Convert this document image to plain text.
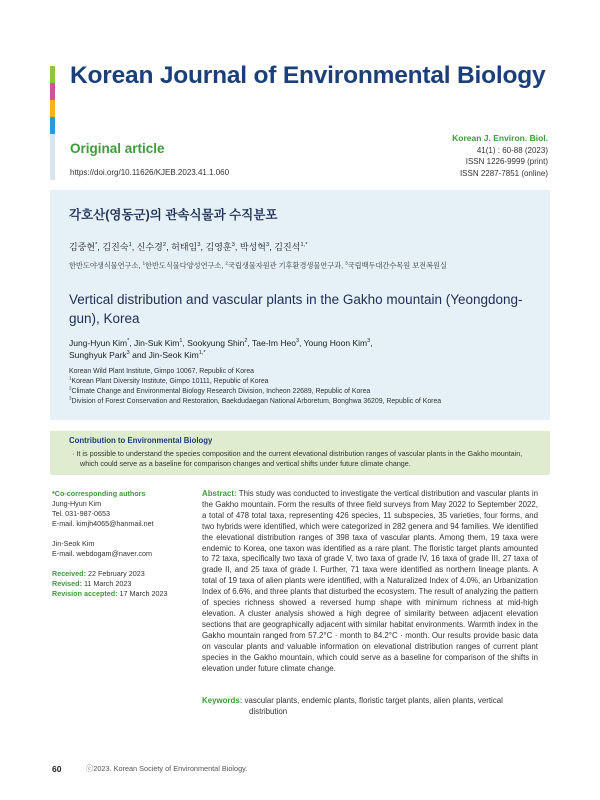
Korean Journal of Environmental Biology
Original article
https://doi.org/10.11626/KJEB.2023.41.1.060
Korean J. Environ. Biol.
41(1) : 60-88 (2023)
ISSN 1226-9999 (print)
ISSN 2287-7851 (online)
각호산(영동군)의 관속식물과 수직분포
김중현*, 김진숙$^1$, 신수경$^2$, 허태임$^3$, 김영훈$^3$, 박성혁$^3$, 김진석$^{1,*}$
한반도야생식물연구소, $^1$한반도식물다양성연구소, $^2$국립생물자원관 기후환경생물연구과, $^3$국립백두대간수목원 보전복원실
Vertical distribution and vascular plants in the Gakho mountain (Yeongdong-gun), Korea
Jung-Hyun Kim*, Jin-Suk Kim$^1$, Sookyung Shin$^2$, Tae-Im Heo$^3$, Young Hoon Kim$^3$,
Sunghyuk Park$^3$ and Jin-Seok Kim$^{1,*}$
Korean Wild Plant Institute, Gimpo 10067, Republic of Korea
$^1$Korean Plant Diversity Institute, Gimpo 10111, Republic of Korea
$^2$Climate Change and Environmental Biology Research Division, Incheon 22689, Republic of Korea
$^3$Division of Forest Conservation and Restoration, Baekdudaegan National Arboretum, Bonghwa 36209, Republic of Korea
Contribution to Environmental Biology
· It is possible to understand the species composition and the current elevational distribution ranges of vascular plants in the Gakho mountain, which could serve as a baseline for comparison changes and vertical shifts under future climate change.
*Co-corresponding authors
Jung-Hyun Kim
Tel. 031-987-0653
E-mail. kimjh4065@hanmail.net
Jin-Seok Kim
E-mail. webdogam@naver.com
Received: 22 February 2023
Revised: 11 March 2023
Revision accepted: 17 March 2023
Abstract: This study was conducted to investigate the vertical distribution and vascular plants in the Gakho mountain. Form the results of three field surveys from May 2022 to September 2022, a total of 478 total taxa, representing 426 species, 11 subspecies, 35 varieties, four forms, and two hybrids were identified, which were categorized in 282 genera and 94 families. We identified the elevational distribution ranges of 398 taxa of vascular plants. Among them, 19 taxa were endemic to Korea, one taxon was identified as a rare plant. The floristic target plants amounted to 72 taxa, specifically two taxa of grade V, two taxa of grade IV, 16 taxa of grade III, 27 taxa of grade II, and 25 taxa of grade I. Further, 71 taxa were identified as northern lineage plants. A total of 19 taxa of alien plants were identified, with a Naturalized Index of 4.0%, an Urbanization Index of 6.6%, and three plants that disturbed the ecosystem. The result of analyzing the pattern of species richness showed a reversed hump shape with minimum richness at mid-high elevation. A cluster analysis showed a high degree of similarity between adjacent elevation sections that are geographically adjacent with similar habitat environments. Warmth index in the Gakho mountain ranged from 57.2°C · month to 84.2°C · month. Our results provide basic data on vascular plants and valuable information on elevational distribution ranges of current plant species in the Gakho mountain, which could serve as a baseline for comparison of the shifts in elevation under future climate change.
Keywords: vascular plants, endemic plants, floristic target plants, alien plants, vertical distribution
60	ⓒ2023. Korean Society of Environmental Biology.
